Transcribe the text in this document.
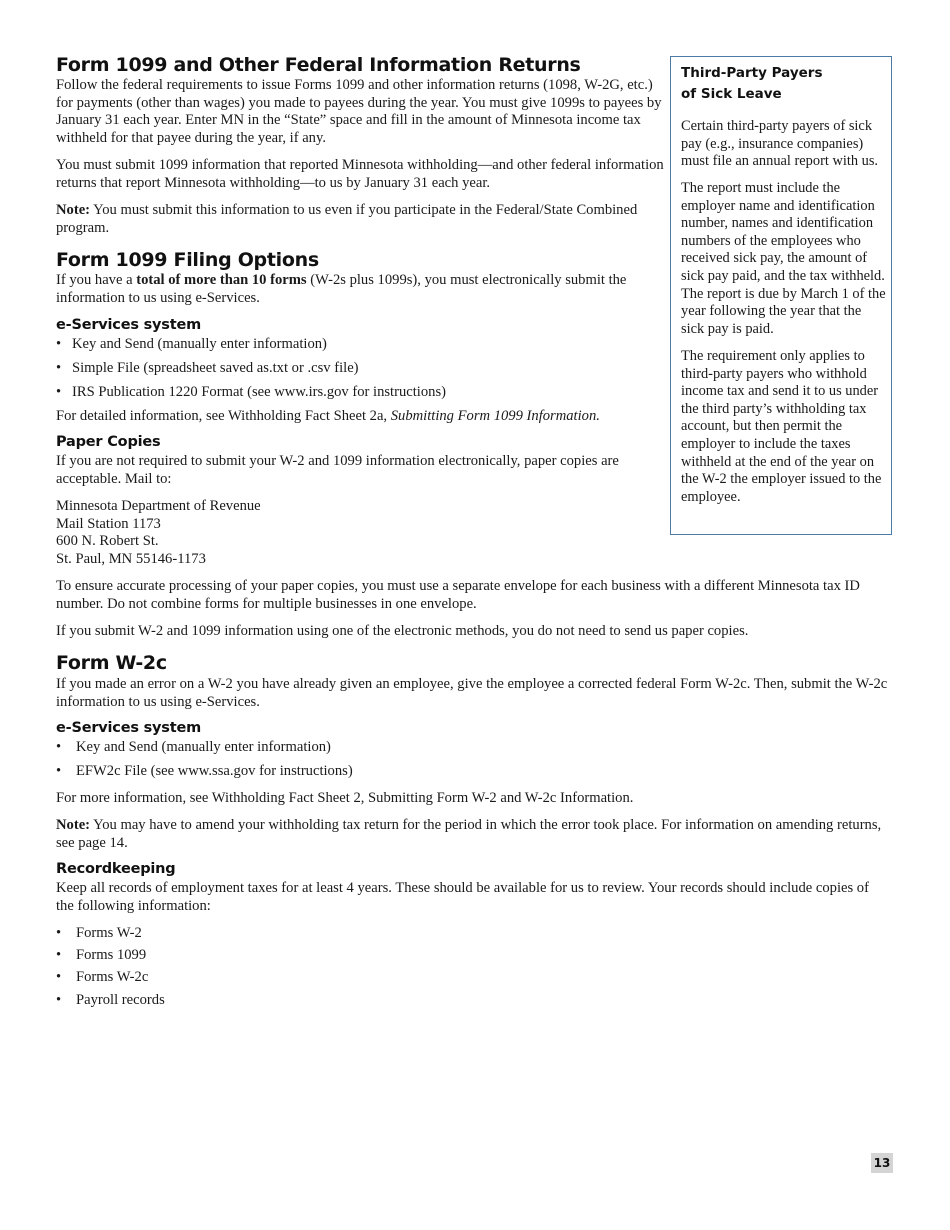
Form 1099 and Other Federal Information Returns

Follow the federal requirements to issue Forms 1099 and other information returns (1098, W-2G, etc.) for payments (other than wages) you made to payees during the year. You must give 1099s to payees by January 31 each year. Enter MN in the “State” space and fill in the amount of Minnesota income tax withheld for that payee during the year, if any.

You must submit 1099 information that reported Minnesota withholding—and other federal information returns that report Minnesota withholding—to us by January 31 each year.

Note: You must submit this information to us even if you participate in the Federal/State Combined program.

Form 1099 Filing Options

If you have a total of more than 10 forms (W-2s plus 1099s), you must electronically submit the information to us using e-Services.

e-Services system
• Key and Send (manually enter information)
• Simple File (spreadsheet saved as.txt or .csv file)
• IRS Publication 1220 Format (see www.irs.gov for instructions)
For detailed information, see Withholding Fact Sheet 2a, Submitting Form 1099 Information.
Paper Copies

If you are not required to submit your W-2 and 1099 information electronically, paper copies are acceptable. Mail to:

Minnesota Department of Revenue
Mail Station 1173
600 N. Robert St.
St. Paul, MN 55146-1173

To ensure accurate processing of your paper copies, you must use a separate envelope for each business with a different Minnesota tax ID number. Do not combine forms for multiple businesses in one envelope.

If you submit W-2 and 1099 information using one of the electronic methods, you do not need to send us paper copies.

Form W-2c

If you made an error on a W-2 you have already given an employee, give the employee a corrected federal Form W-2c. Then, submit the W-2c information to us using e-Services.

e-Services system
• Key and Send (manually enter information)
• EFW2c File (see www.ssa.gov for instructions)
For more information, see Withholding Fact Sheet 2, Submitting Form W-2 and W-2c Information.

Note: You may have to amend your withholding tax return for the period in which the error took place. For information on amending returns, see page 14.

Recordkeeping

Keep all records of employment taxes for at least 4 years. These should be available for us to review. Your records should include copies of the following information:

• Forms W-2
• Forms 1099
• Forms W-2c
• Payroll records
Third-Party Payers
of Sick Leave

Certain third-party payers of sick pay (e.g., insurance companies) must file an annual report with us.

The report must include the employer name and identification number, names and identification numbers of the employees who received sick pay, the amount of sick pay paid, and the tax withheld. The report is due by March 1 of the year following the year that the sick pay is paid.

The requirement only applies to third-party payers who withhold income tax and send it to us under the third party’s withholding tax account, but then permit the employer to include the taxes withheld at the end of the year on the W-2 the employer issued to the employee.

13
